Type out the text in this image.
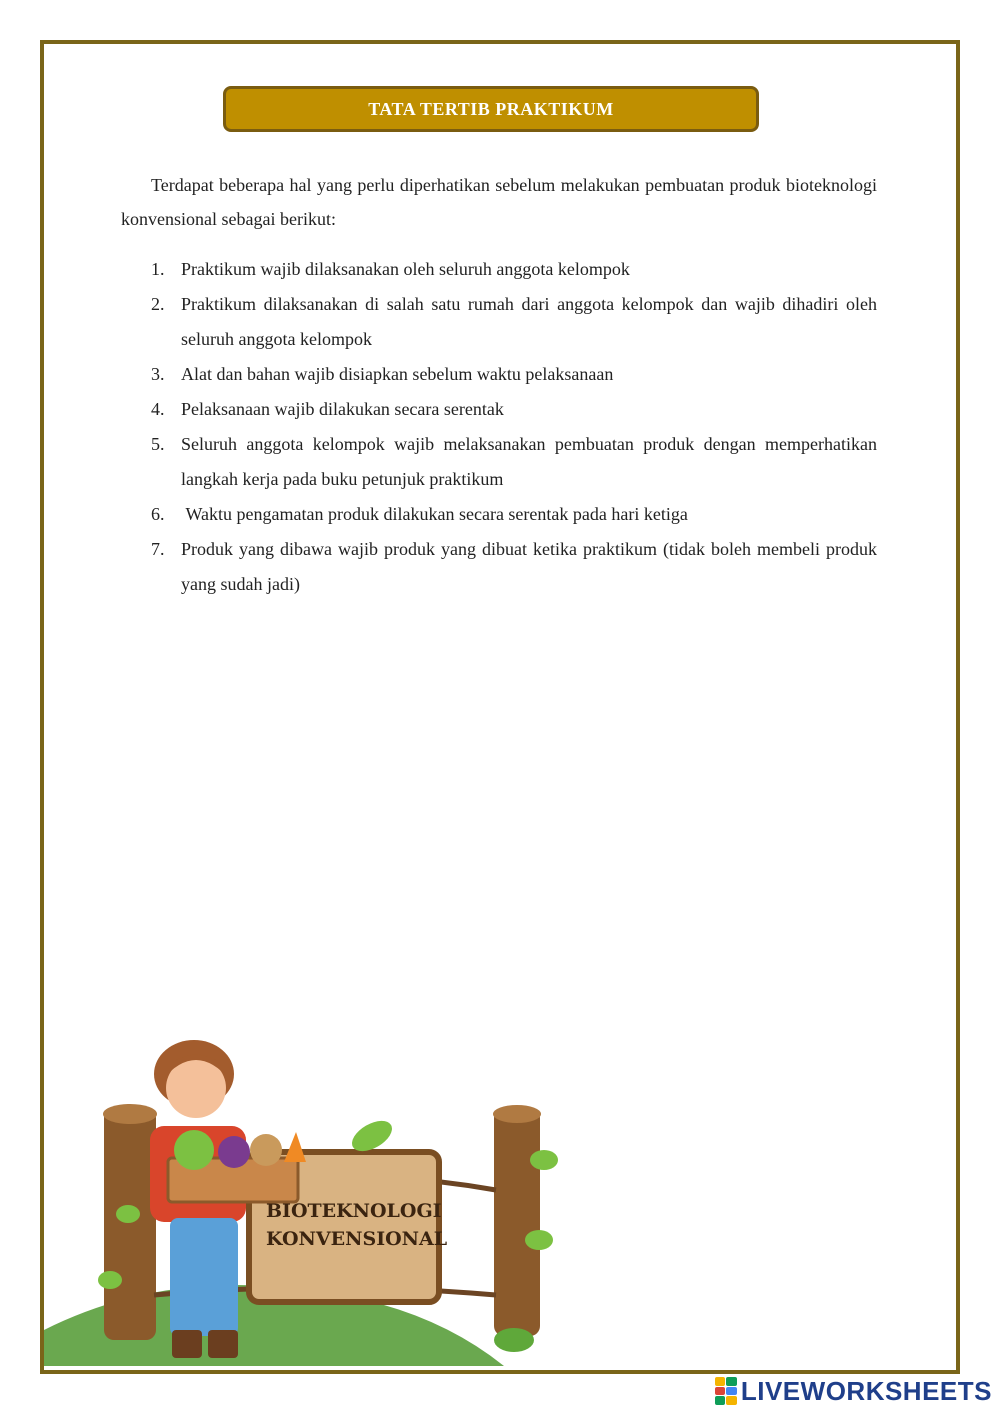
TATA TERTIB PRAKTIKUM

Terdapat beberapa hal yang perlu diperhatikan sebelum melakukan pembuatan produk bioteknologi konvensional sebagai berikut:

1. Praktikum wajib dilaksanakan oleh seluruh anggota kelompok
2. Praktikum dilaksanakan di salah satu rumah dari anggota kelompok dan wajib dihadiri oleh seluruh anggota kelompok
3. Alat dan bahan wajib disiapkan sebelum waktu pelaksanaan
4. Pelaksanaan wajib dilakukan secara serentak
5. Seluruh anggota kelompok wajib melaksanakan pembuatan produk dengan memperhatikan langkah kerja pada buku petunjuk praktikum
6. Waktu pengamatan produk dilakukan secara serentak pada hari ketiga
7. Produk yang dibawa wajib produk yang dibuat ketika praktikum (tidak boleh membeli produk yang sudah jadi)
BIOTEKNOLOGI
KONVENSIONAL
LIVEWORKSHEETS
